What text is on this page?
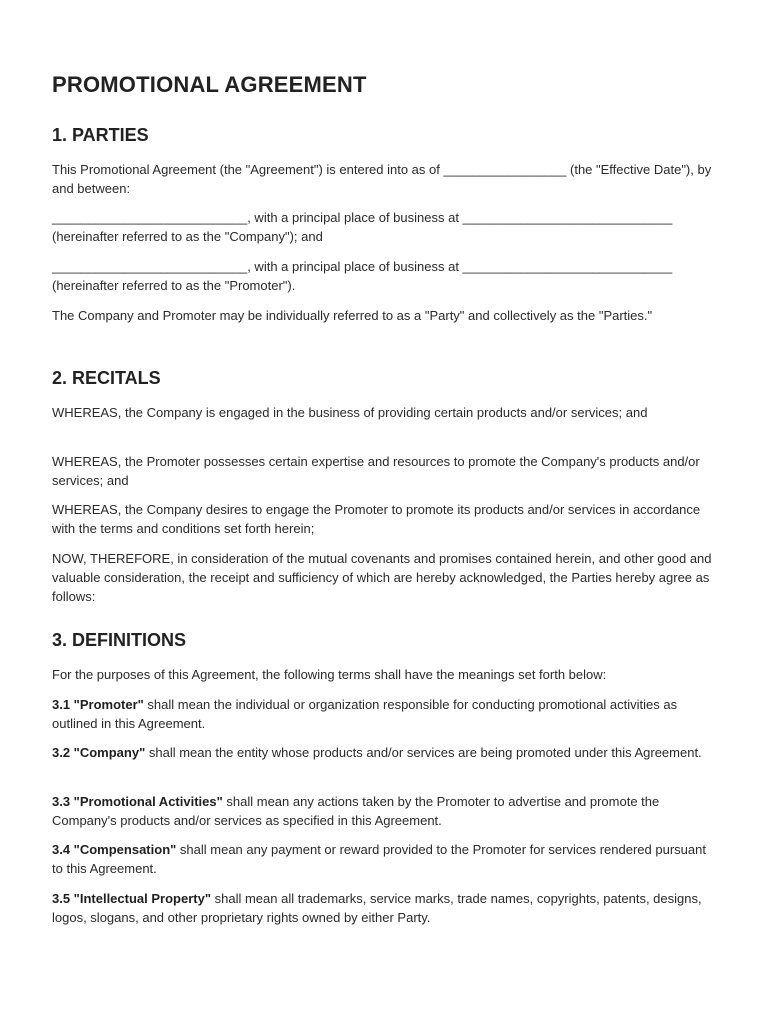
PROMOTIONAL AGREEMENT
1. PARTIES

This Promotional Agreement (the "Agreement") is entered into as of _________________ (the "Effective Date"), by and between:

___________________________, with a principal place of business at _____________________________ (hereinafter referred to as the "Company"); and

___________________________, with a principal place of business at _____________________________ (hereinafter referred to as the "Promoter").

The Company and Promoter may be individually referred to as a "Party" and collectively as the "Parties."

2. RECITALS

WHEREAS, the Company is engaged in the business of providing certain products and/or services; and

WHEREAS, the Promoter possesses certain expertise and resources to promote the Company's products and/or services; and

WHEREAS, the Company desires to engage the Promoter to promote its products and/or services in accordance with the terms and conditions set forth herein;

NOW, THEREFORE, in consideration of the mutual covenants and promises contained herein, and other good and valuable consideration, the receipt and sufficiency of which are hereby acknowledged, the Parties hereby agree as follows:

3. DEFINITIONS

For the purposes of this Agreement, the following terms shall have the meanings set forth below:

3.1 "Promoter" shall mean the individual or organization responsible for conducting promotional activities as outlined in this Agreement.

3.2 "Company" shall mean the entity whose products and/or services are being promoted under this Agreement.

3.3 "Promotional Activities" shall mean any actions taken by the Promoter to advertise and promote the Company's products and/or services as specified in this Agreement.

3.4 "Compensation" shall mean any payment or reward provided to the Promoter for services rendered pursuant to this Agreement.

3.5 "Intellectual Property" shall mean all trademarks, service marks, trade names, copyrights, patents, designs, logos, slogans, and other proprietary rights owned by either Party.
